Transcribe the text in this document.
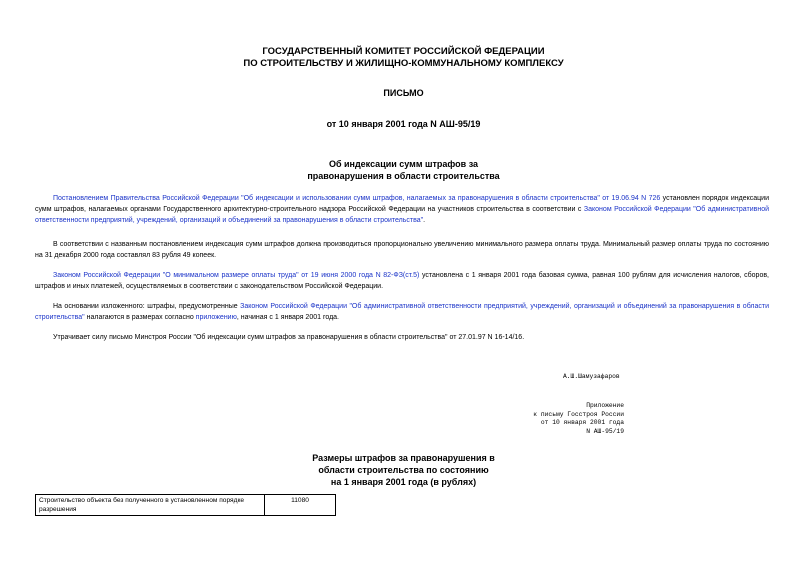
ГОСУДАРСТВЕННЫЙ КОМИТЕТ РОССИЙСКОЙ ФЕДЕРАЦИИ
ПО СТРОИТЕЛЬСТВУ И ЖИЛИЩНО-КОММУНАЛЬНОМУ КОМПЛЕКСУ
ПИСЬМО
от 10 января 2001 года N АШ-95/19
Об индексации сумм штрафов за
правонарушения в области строительства

Постановлением Правительства Российской Федерации "Об индексации и использовании сумм штрафов, налагаемых за правонарушения в области строительства" от 19.06.94 N 726 установлен порядок индексации сумм штрафов, налагаемых органами Государственного архитектурно-строительного надзора Российской Федерации на участников строительства в соответствии с Законом Российской Федерации "Об административной ответственности предприятий, учреждений, организаций и объединений за правонарушения в области строительства".

В соответствии с названным постановлением индексация сумм штрафов должна производиться пропорционально увеличению минимального размера оплаты труда. Минимальный размер оплаты труда по состоянию на 31 декабря 2000 года составлял 83 рубля 49 копеек.

Законом Российской Федерации "О минимальном размере оплаты труда" от 19 июня 2000 года N 82-ФЗ(ст.5) установлена с 1 января 2001 года базовая сумма, равная 100 рублям для исчисления налогов, сборов, штрафов и иных платежей, осуществляемых в соответствии с законодательством Российской Федерации.

На основании изложенного: штрафы, предусмотренные Законом Российской Федерации "Об административной ответственности предприятий, учреждений, организаций и объединений за правонарушения в области строительства" налагаются в размерах согласно приложению, начиная с 1 января 2001 года.

Утрачивает силу письмо Минстроя России "Об индексации сумм штрафов за правонарушения в области строительства" от 27.01.97 N 16-14/16.

А.Ш.Шамузафаров
Приложение
к письму Госстроя России
от 10 января 2001 года
N АШ-95/19
Размеры штрафов за правонарушения в
области строительства по состоянию
на 1 января 2001 года (в рублях)
Строительство объекта без полученного в установленном порядке разрешения	11080
